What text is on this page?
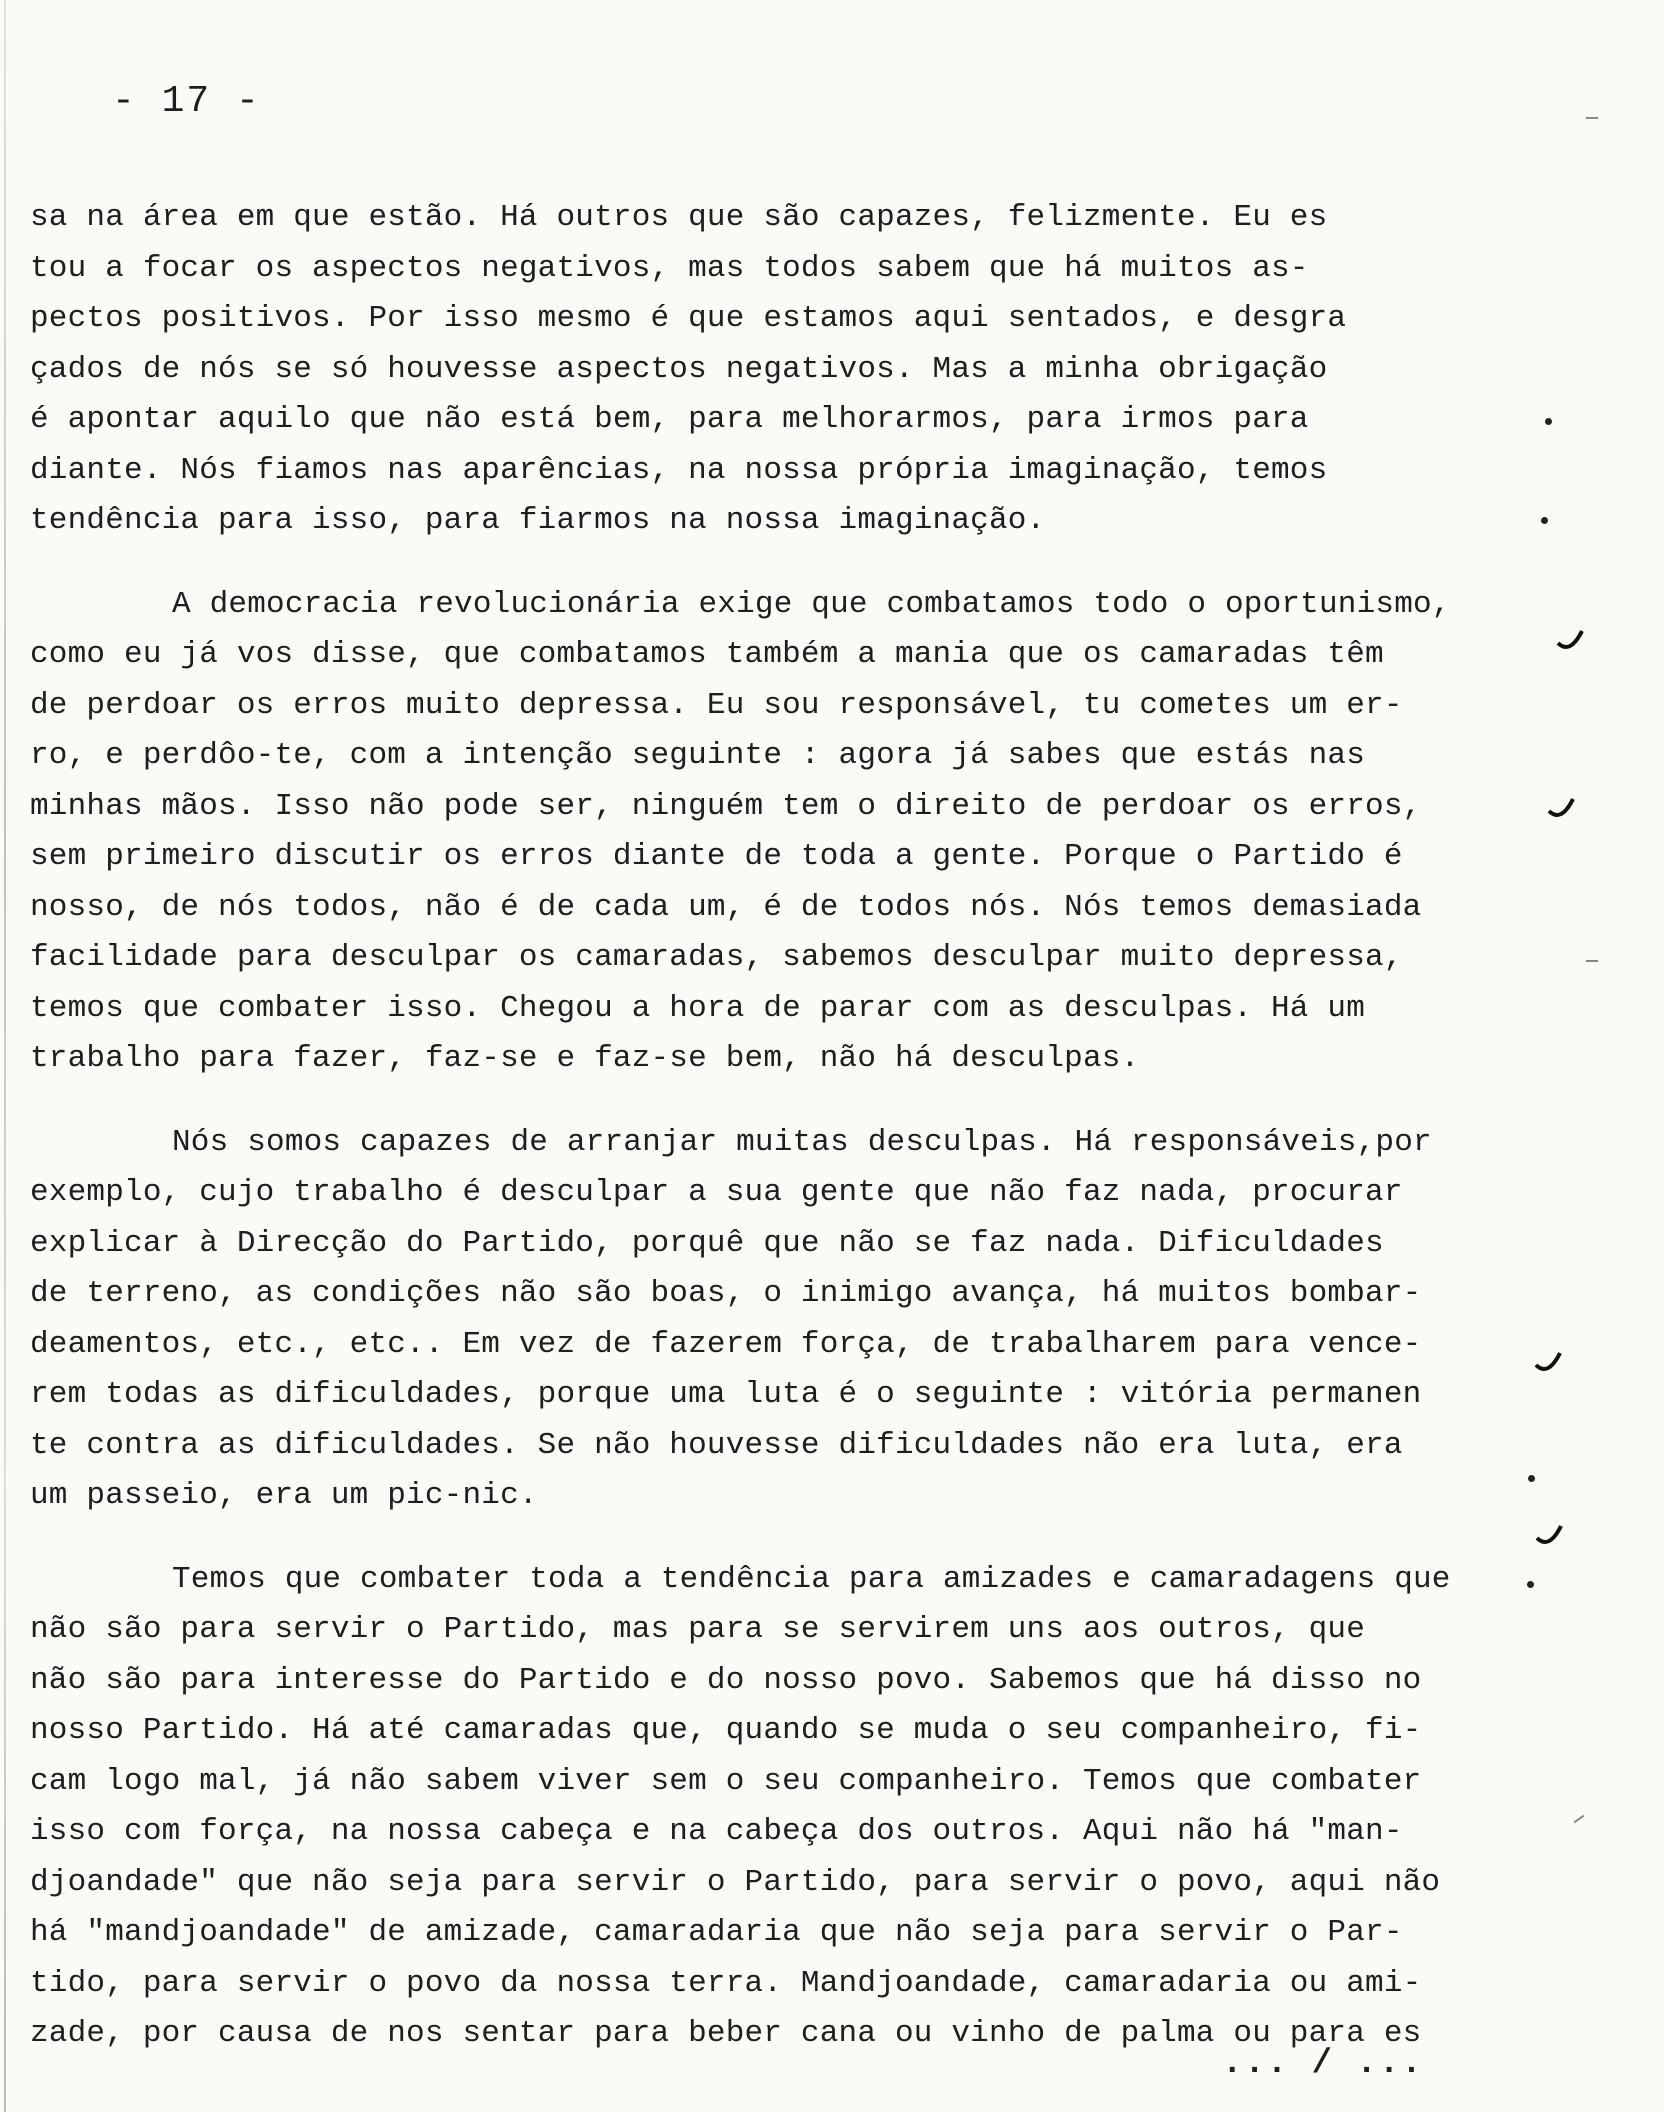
- 17 -
sa na área em que estão. Há outros que são capazes, felizmente. Eu es
tou a focar os aspectos negativos, mas todos sabem que há muitos as-
pectos positivos. Por isso mesmo é que estamos aqui sentados, e desgra
çados de nós se só houvesse aspectos negativos. Mas a minha obrigação
é apontar aquilo que não está bem, para melhorarmos, para irmos para
diante. Nós fiamos nas aparências, na nossa própria imaginação, temos
tendência para isso, para fiarmos na nossa imaginação.
A democracia revolucionária exige que combatamos todo o oportunismo,
como eu já vos disse, que combatamos também a mania que os camaradas têm
de perdoar os erros muito depressa. Eu sou responsável, tu cometes um er-
ro, e perdôo-te, com a intenção seguinte : agora já sabes que estás nas
minhas mãos. Isso não pode ser, ninguém tem o direito de perdoar os erros,
sem primeiro discutir os erros diante de toda a gente. Porque o Partido é
nosso, de nós todos, não é de cada um, é de todos nós. Nós temos demasiada
facilidade para desculpar os camaradas, sabemos desculpar muito depressa,
temos que combater isso. Chegou a hora de parar com as desculpas. Há um
trabalho para fazer, faz-se e faz-se bem, não há desculpas.
Nós somos capazes de arranjar muitas desculpas. Há responsáveis,por
exemplo, cujo trabalho é desculpar a sua gente que não faz nada, procurar
explicar à Direcção do Partido, porquê que não se faz nada. Dificuldades
de terreno, as condições não são boas, o inimigo avança, há muitos bombar-
deamentos, etc., etc.. Em vez de fazerem força, de trabalharem para vence-
rem todas as dificuldades, porque uma luta é o seguinte : vitória permanen
te contra as dificuldades. Se não houvesse dificuldades não era luta, era
um passeio, era um pic-nic.
Temos que combater toda a tendência para amizades e camaradagens que
não são para servir o Partido, mas para se servirem uns aos outros, que
não são para interesse do Partido e do nosso povo. Sabemos que há disso no
nosso Partido. Há até camaradas que, quando se muda o seu companheiro, fi-
cam logo mal, já não sabem viver sem o seu companheiro. Temos que combater
isso com força, na nossa cabeça e na cabeça dos outros. Aqui não há "man-
djoandade" que não seja para servir o Partido, para servir o povo, aqui não
há "mandjoandade" de amizade, camaradaria que não seja para servir o Par-
tido, para servir o povo da nossa terra. Mandjoandade, camaradaria ou ami-
zade, por causa de nos sentar para beber cana ou vinho de palma ou para es
... / ...
